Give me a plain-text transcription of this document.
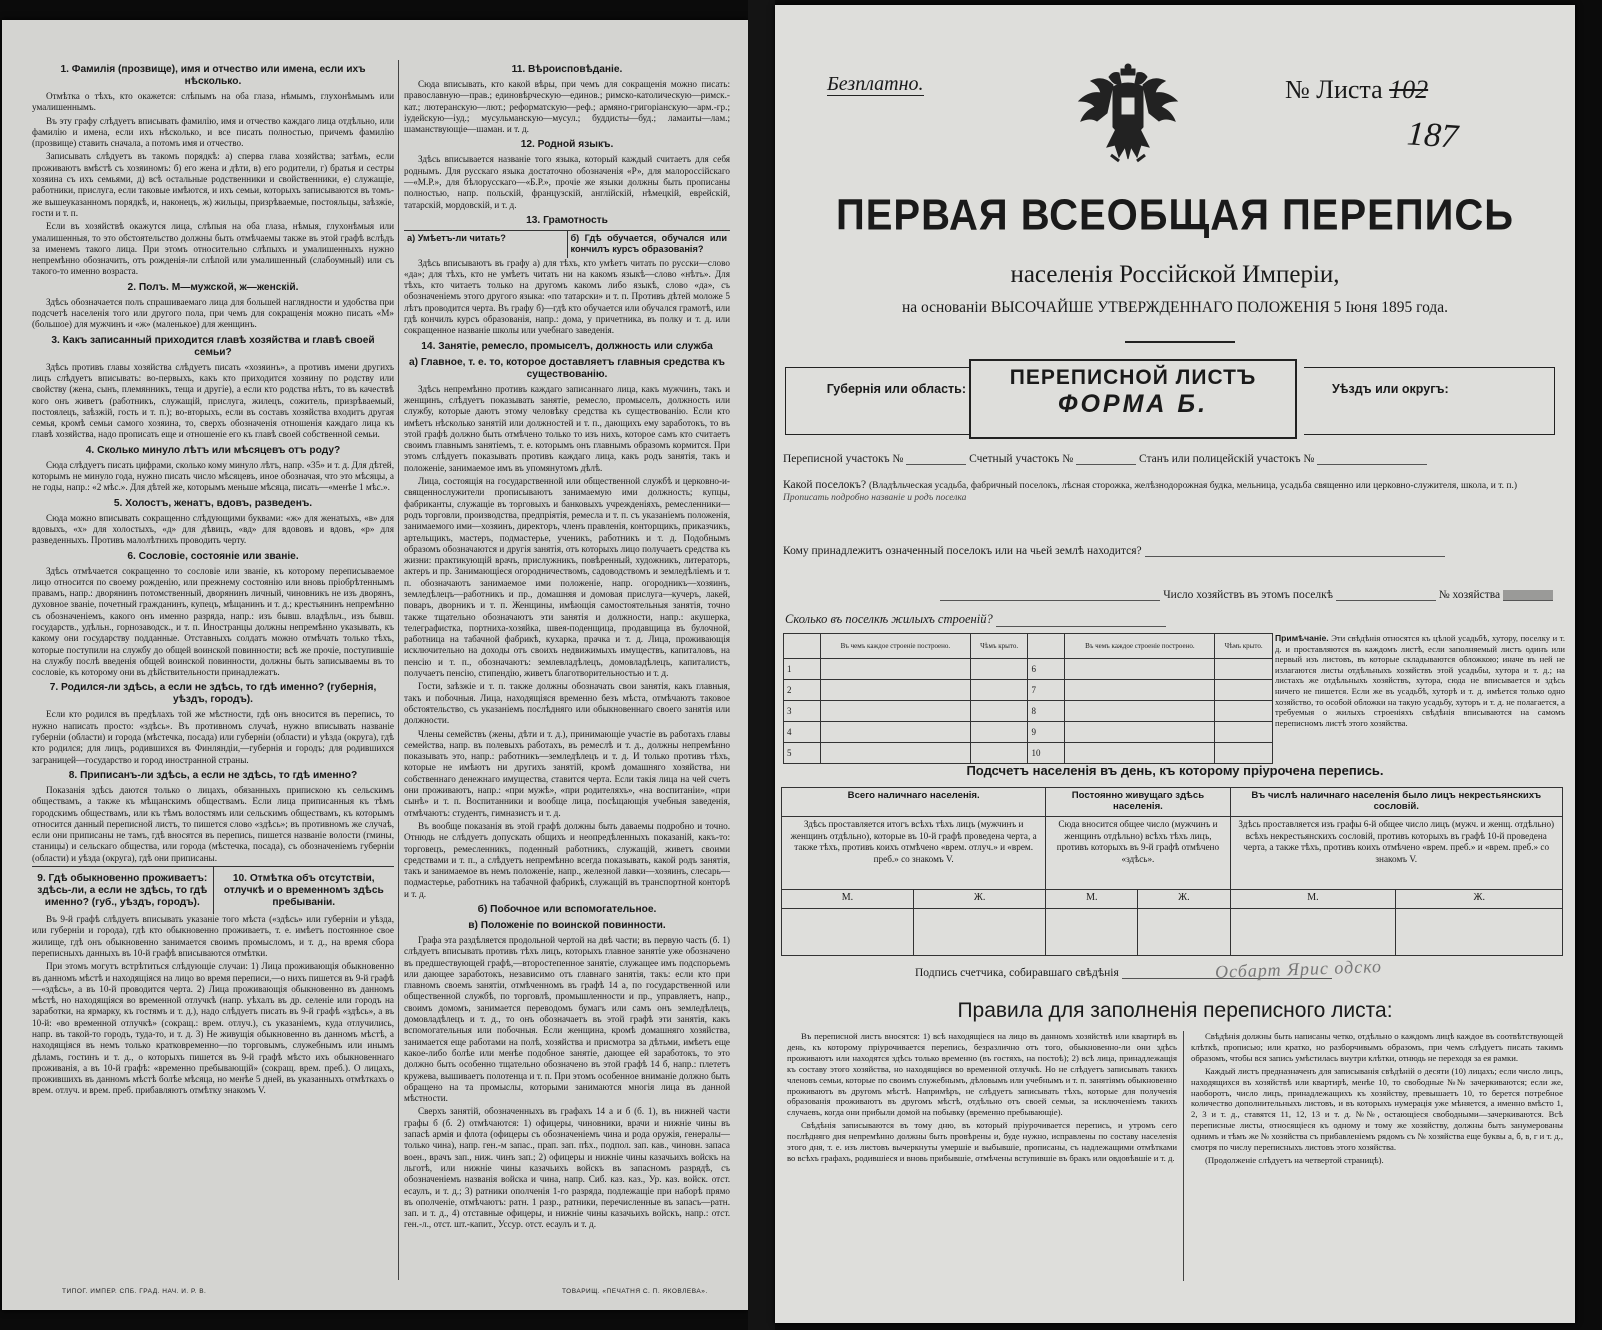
1. Фамилія (прозвище), имя и отчество или имена, если ихъ нѣсколько.

Отмѣтка о тѣхъ, кто окажется: слѣпымъ на оба глаза, нѣмымъ, глухонѣмымъ или умалишеннымъ.

Въ эту графу слѣдуетъ вписывать фамилію, имя и отчество каждаго лица отдѣльно, или фамилію и имена, если ихъ нѣсколько, и все писать полностью, причемъ фамилію (прозвище) ставить сначала, а потомъ имя и отчество.

Записывать слѣдуетъ въ такомъ порядкѣ: а) сперва глава хозяйства; затѣмъ, если проживаютъ вмѣстѣ съ хозяиномъ: б) его жена и дѣти, в) его родители, г) братья и сестры хозяина съ ихъ семьями, д) всѣ остальные родственники и свойственники, е) служащіе, работники, прислуга, если таковые имѣются, и ихъ семьи, которыхъ записываются въ томъ-же вышеуказанномъ порядкѣ, и, наконецъ, ж) жильцы, призрѣваемые, постояльцы, заѣзжіе, гости и т. п.

Если въ хозяйствѣ окажутся лица, слѣпыя на оба глаза, нѣмыя, глухонѣмыя или умалишенныя, то это обстоятельство должны быть отмѣчаемы также въ этой графѣ вслѣдъ за именемъ такого лица. При этомъ относительно слѣпыхъ и умалишенныхъ нужно непремѣнно обозначить, отъ рожденія-ли слѣпой или умалишенный (слабоумный) или съ такого-то именно возраста.

2. Полъ. М—мужской, ж—женскій.

Здѣсь обозначается полъ спрашиваемаго лица для большей наглядности и удобства при подсчетѣ населенія того или другого пола, при чемъ для сокращенія можно писать «М» (большое) для мужчинъ и «ж» (маленькое) для женщинъ.

3. Какъ записанный приходится главѣ хозяйства и главѣ своей семьи?

Здѣсь противъ главы хозяйства слѣдуетъ писать «хозяинъ», а противъ имени другихъ лицъ слѣдуетъ вписывать: во-первыхъ, какъ кто приходится хозяину по родству или свойству (жена, сынъ, племянникъ, теща и другіе), а если кто родства нѣтъ, то въ качествѣ кого онъ живетъ (работникъ, служащій, прислуга, жилецъ, сожитель, призрѣваемый, постоялецъ, заѣзжій, гость и т. п.); во-вторыхъ, если въ составъ хозяйства входитъ другая семья, кромѣ семьи самого хозяина, то, сверхъ обозначенія отношенія каждаго лица къ главѣ хозяйства, надо прописать еще и отношеніе его къ главѣ своей собственной семьи.

4. Сколько минуло лѣтъ или мѣсяцевъ отъ роду?

Сюда слѣдуетъ писать цифрами, сколько кому минуло лѣтъ, напр. «35» и т. д. Для дѣтей, которымъ не минуло года, нужно писать число мѣсяцевъ, иное обозначая, что это мѣсяцы, а не годы, напр.: «2 мѣс.». Для дѣтей же, которымъ меньше мѣсяца, писать—«менѣе 1 мѣс.».

5. Холостъ, женатъ, вдовъ, разведенъ.

Сюда можно вписывать сокращенно слѣдующими буквами: «ж» для женатыхъ, «в» для вдовыхъ, «х» для холостыхъ, «д» для дѣвицъ, «вд» для вдововъ и вдовъ, «р» для разведенныхъ. Противъ малолѣтнихъ проводить черту.

6. Сословіе, состояніе или званіе.

Здѣсь отмѣчается сокращенно то сословіе или званіе, къ которому переписываемое лицо относится по своему рожденію, или прежнему состоянію или вновь пріобрѣтеннымъ правамъ, напр.: дворянинъ потомственный, дворянинъ личный, чиновникъ не изъ дворянъ, духовное званіе, почетный гражданинъ, купецъ, мѣщанинъ и т. д.; крестьянинъ непремѣнно съ обозначеніемъ, какого онъ именно разряда, напр.: изъ бывш. владѣльч., изъ бывш. государств., удѣльн., горнозаводск., и т. п. Иностранцы должны непремѣнно указывать, къ какому они государству подданные. Отставныхъ солдатъ можно отмѣчать только тѣхъ, которые поступили на службу до общей воинской повинности; всѣ же прочіе, поступившіе на службу послѣ введенія общей воинской повинности, должны быть записываемы въ то сословіе, къ которому они въ дѣйствительности принадлежатъ.

7. Родился-ли здѣсь, а если не здѣсь, то гдѣ именно? (губернія, уѣздъ, городъ).

Если кто родился въ предѣлахъ той же мѣстности, гдѣ онъ вносится въ перепись, то нужно написать просто: «здѣсь». Въ противномъ случаѣ, нужно вписывать названіе губерніи (области) и города (мѣстечка, посада) или губерніи (области) и уѣзда (округа), гдѣ кто родился; для лицъ, родившихся въ Финляндіи,—губернія и городъ; для родившихся заграницей—государство и город иностранной страны.

8. Приписанъ-ли здѣсь, а если не здѣсь, то гдѣ именно?

Показанія здѣсь даются только о лицахъ, обязанныхъ припискою къ сельскимъ обществамъ, а также къ мѣщанскимъ обществамъ. Если лица приписанныя къ тѣмъ городскимъ обществамъ, или къ тѣмъ волостямъ или сельскимъ обществамъ, къ которымъ относится данный переписной листъ, то пишется слово «здѣсь»; въ противномъ же случаѣ, если они приписаны не тамъ, гдѣ вносятся въ перепись, пишется названіе волости (гмины, станицы) и сельскаго общества, или города (мѣстечка, посада), съ обозначеніемъ губерніи (области) и уѣзда (округа), гдѣ они приписаны.

9. Гдѣ обыкновенно проживаетъ: здѣсь-ли, а если не здѣсь, то гдѣ именно? (губ., уѣздъ, городъ).
10. Отмѣтка объ отсутствіи, отлучкѣ и о временномъ здѣсь пребываніи.

Въ 9-й графѣ слѣдуетъ вписывать указаніе того мѣста («здѣсь» или губерніи и уѣзда, или губерніи и города), гдѣ кто обыкновенно проживаетъ, т. е. имѣетъ постоянное свое жилище, гдѣ онъ обыкновенно занимается своимъ промысломъ, и т. д., на время сбора переписныхъ данныхъ въ 10-й графѣ вписываются отмѣтки.

При этомъ могутъ встрѣтиться слѣдующіе случаи: 1) Лица проживающія обыкновенно въ данномъ мѣстѣ и находящіяся на лицо во время переписи,—о нихъ пишется въ 9-й графѣ—«здѣсь», а въ 10-й проводится черта. 2) Лица проживающія обыкновенно въ данномъ мѣстѣ, но находящіяся во временной отлучкѣ (напр. уѣхалъ въ др. селеніе или городъ на заработки, на ярмарку, къ гостямъ и т. д.), надо слѣдуетъ писать въ 9-й графѣ «здѣсь», а въ 10-й: «во временной отлучкѣ» (сокращ.: врем. отлуч.), съ указаніемъ, куда отлучились, напр. въ такой-то городъ, туда-то, и т. д. 3) Не живущія обыкновенно въ данномъ мѣстѣ, а находящіяся въ немъ только кратковременно—по торговымъ, служебнымъ или инымъ дѣламъ, гостинъ и т. д., о которыхъ пишется въ 9-й графѣ мѣсто ихъ обыкновеннаго проживанія, а въ 10-й графѣ: «временно пребывающій» (сокращ. врем. преб.). О лицахъ, прожившихъ въ данномъ мѣстѣ болѣе мѣсяца, но менѣе 5 дней, въ указанныхъ отмѣткахъ о врем. отлуч. и врем. преб. прибавляютъ отмѣтку знакомъ V.

11. Вѣроисповѣданіе.

Сюда вписывать, кто какой вѣры, при чемъ для сокращенія можно писать: православную—прав.; единовѣрческую—единов.; римско-католическую—римск.-кат.; лютеранскую—лют.; реформатскую—реф.; армяно-григоріанскую—арм.-гр.; іудейскую—іуд.; мусульманскую—мусул.; буддисты—буд.; ламаиты—лам.; шаманствующіе—шаман. и т. д.

12. Родной языкъ.

Здѣсь вписывается названіе того языка, который каждый считаетъ для себя роднымъ. Для русскаго языка достаточно обозначенія «Р», для малороссійскаго—«М.Р.», для бѣлорусскаго—«Б.Р.», прочіе же языки должны быть прописаны полностью, напр. польскій, французскій, англійскій, нѣмецкій, еврейскій, татарскій, мордовскій, и т. д.

13. Грамотность
а) Умѣетъ-ли читать?	б) Гдѣ обучается, обучался или кончилъ курсъ образованія?

Здѣсь вписываютъ въ графу а) для тѣхъ, кто умѣетъ читать по русски—слово «да»; для тѣхъ, кто не умѣетъ читать ни на какомъ языкѣ—слово «нѣтъ». Для тѣхъ, кто читаетъ только на другомъ какомъ либо языкѣ, слово «да», съ обозначеніемъ этого другого языка: «по татарски» и т. п. Противъ дѣтей моложе 5 лѣтъ проводится черта. Въ графу б)—гдѣ кто обучается или обучался грамотѣ, или гдѣ кончилъ курсъ образованія, напр.: дома, у причетника, въ полку и т. д. или сокращенное названіе школы или учебнаго заведенія.

14. Занятіе, ремесло, промыселъ, должность или служба
а) Главное, т. е. то, которое доставляетъ главныя средства къ существованію.

Здѣсь непремѣнно противъ каждаго записаннаго лица, какъ мужчинъ, такъ и женщинъ, слѣдуетъ показывать занятіе, ремесло, промыселъ, должность или службу, которые даютъ этому человѣку средства къ существованію. Если кто имѣетъ нѣсколько занятій или должностей и т. п., дающихъ ему заработокъ, то въ этой графѣ должно быть отмѣчено только то изъ нихъ, которое самъ кто считаетъ своимъ главнымъ занятіемъ, т. е. которымъ онъ главнымъ образомъ кормится. При этомъ слѣдуетъ показывать противъ каждаго лица, какъ родъ занятія, такъ и положеніе, занимаемое имъ въ упомянутомъ дѣлѣ.

Лица, состоящія на государственной или общественной службѣ и церковно-и-священнослужители прописываютъ занимаемую ими должность; купцы, фабриканты, служащіе въ торговыхъ и банковыхъ учрежденіяхъ, ремесленники—родъ торговли, производства, предпріятія, ремесла и т. п. съ указаніемъ положенія, занимаемого ими—хозяинъ, директоръ, членъ правленія, конторщикъ, приказчикъ, артельщикъ, мастеръ, подмастерье, ученикъ, работникъ и т. д. Подобнымъ образомъ обозначаются и другія занятія, отъ которыхъ лицо получаетъ средства къ жизни: практикующій врачъ, прислужникъ, повѣренный, художникъ, литераторъ, актеръ и пр. Занимающіеся огородничествомъ, садоводствомъ и земледѣліемъ и т. п. обозначаютъ занимаемое ими положеніе, напр. огородникъ—хозяинъ, земледѣлецъ—работникъ и пр., домашняя и домовая прислуга—кучеръ, лакей, поваръ, дворникъ и т. п. Женщины, имѣющія самостоятельныя занятія, точно также тщательно обозначаютъ эти занятія и должности, напр.: акушерка, телеграфистка, портниха-хозяйка, швея-поденщица, продавщица въ булочной, работница на табачной фабрикѣ, кухарка, прачка и т. д. Лица, проживающія исключительно на доходы отъ своихъ недвижимыхъ имуществъ, капиталовъ, на пенсію и т. п., обозначаютъ: землевладѣлецъ, домовладѣлецъ, капиталистъ, получаетъ пенсію, стипендію, живетъ благотворительностью и т. д.

Гости, заѣзжіе и т. п. также должны обозначать свои занятія, какъ главныя, такъ и побочныя. Лица, находящіяся временно безъ мѣста, отмѣчаютъ таковое обстоятельство, съ указаніемъ послѣдняго или обыкновеннаго своего занятія или должности.

Члены семействъ (жены, дѣти и т. д.), принимающіе участіе въ работахъ главы семейства, напр. въ полевыхъ работахъ, въ ремеслѣ и т. д., должны непремѣнно показывать это, напр.: работникъ—земледѣлецъ и т. д. И только противъ тѣхъ, которые не имѣютъ ни другихъ занятій, кромѣ домашняго хозяйства, ни собственнаго денежнаго имущества, ставится черта. Если такія лица на чей счетъ они проживаютъ, напр.: «при мужѣ», «при родителяхъ», «на воспитаніи», «при сынѣ» и т. п. Воспитанники и вообще лица, посѣщающія учебныя заведенія, отмѣчаютъ: студентъ, гимназистъ и т. д.

Въ вообще показанія въ этой графѣ должны быть даваемы подробно и точно. Отнюдь не слѣдуетъ допускать общихъ и неопредѣленныхъ показаній, какъ-то: торговецъ, ремесленникъ, поденный работникъ, служащій, живетъ своими средствами и т. п., а слѣдуетъ непремѣнно всегда показывать, какой родъ занятія, такъ и занимаемое въ немъ положеніе, напр., железной лавки—хозяинъ, слесарь—подмастерье, работникъ на табачной фабрикѣ, служащій въ транспортной конторѣ и т. д.

б) Побочное или вспомогательное.
в) Положеніе по воинской повинности.

Графа эта раздѣляется продольной чертой на двѣ части; въ первую часть (б. 1) слѣдуетъ вписывать противъ тѣхъ лицъ, которыхъ главное занятіе уже обозначено въ предшествующей графѣ,—второстепенное занятіе, служащее имъ подспорьемъ или дающее заработокъ, независимо отъ главнаго занятія, такъ: если кто при главномъ своемъ занятіи, отмѣченномъ въ графѣ 14 а, по государственной или общественной службѣ, по торговлѣ, промышленности и пр., управляетъ, напр., своимъ домомъ, занимается переводомъ бумагъ или самъ онъ земледѣлецъ, домовладѣлецъ и т. д., то онъ обозначаетъ въ этой графѣ эти занятія, какъ вспомогательныя или побочныя. Если женщина, кромѣ домашняго хозяйства, занимается еще работами на полѣ, хозяйства и присмотра за дѣтьми, имѣетъ еще какое-либо болѣе или менѣе подобное занятіе, дающее ей заработокъ, то это должно быть особенно тщательно обозначено въ этой графѣ 14 б, напр.: плететъ кружева, вышиваетъ полотенца и т. п. При этомъ особенное вниманіе должно быть обращено на та промыслы, которыми занимаются многія лица въ данной мѣстности.

Сверхъ занятій, обозначенныхъ въ графахъ 14 а и б (б. 1), въ нижней части графы б (б. 2) отмѣчаются: 1) офицеры, чиновники, врачи и нижніе чины въ запасѣ армія и флота (офицеры съ обозначеніемъ чина и рода оружія, генералы—только чина), напр. ген.-м запас., прап. зап. пѣх., подпол. зап. кав., чиновн. запаса воен., врачъ зап., ниж. чинъ зап.; 2) офицеры и нижніе чины казачьихъ войскъ на льготѣ, или нижніе чины казачьихъ войскъ въ запасномъ разрядѣ, съ обозначеніемъ названія войска и чина, напр. Сиб. каз. каз., Ур. каз. войск. отст. есаулъ, и т. д.; 3) ратники ополченія 1-го разряда, подлежащіе при наборѣ прямо въ ополченіе, отмѣчаютъ: ратн. 1 разр., ратники, перечисленные въ запасъ—ратн. зап. и т. д., 4) отставные офицеры, и нижніе чины казачьихъ войскъ, напр.: отст. ген.-л., отст. шт.-капит., Уссур. отст. есаулъ и т. д.

ТИПОГ. ИМПЕР. СПБ. ГРАД. НАЧ. И. Р. В.	ТОВАРИЩ. «ПЕЧАТНЯ С. П. ЯКОВЛЕВА».
Безплатно.	№ Листа 102
187
ПЕРВАЯ ВСЕОБЩАЯ ПЕРЕПИСЬ
населенія Россійской Имперіи,
на основаніи ВЫСОЧАЙШЕ УТВЕРЖДЕННАГО ПОЛОЖЕНІЯ 5 Іюня 1895 года.
Губернія или область:	Уѣздъ или округъ:
ПЕРЕПИСНОЙ ЛИСТЪ
ФОРМА Б.
Переписной участокъ №	Счетный участокъ №	Станъ или полицейскій участокъ №
Какой поселокъ? (Владѣльческая усадьба, фабричный поселокъ, лѣсная сторожка, желѣзнодорожная будка, мельница, усадьба священно или церковно-служителя, школа, и т. п.) Прописать подробно названіе и родъ поселка
Кому принадлежитъ означенный поселокъ или на чьей землѣ находится?
Число хозяйствъ въ этомъ поселкѣ	№ хозяйства
Сколько въ поселкѣ жилыхъ строеній?
	Въ чемъ каждое строеніе построено.	Чѣмъ крыто.		Въ чемъ каждое строеніе построено.	Чѣмъ крыто.
1			6		
2			7		
3			8		
4			9		
5			10		
Примѣчаніе. Эти свѣдѣнія относятся къ цѣлой усадьбѣ, хутору, поселку и т. д. и проставляются въ каждомъ листѣ, если заполняемый листъ одинъ или первый изъ листовъ, въ которые складываются обложкою; иначе въ ней не излагаются листы отдѣльныхъ хозяйствъ этой усадьбы, хутора и т. д.; на листахъ же отдѣльныхъ хозяйствъ, хутора, сюда не вписывается и здѣсь ничего не пишется. Если же въ усадьбѣ, хуторѣ и т. д. имѣется только одно хозяйство, то особой обложки на такую усадьбу, хуторъ и т. д. не полагается, а требуемыя о жилыхъ строеніяхъ свѣдѣнія вписываются на самомъ переписномъ листѣ этого хозяйства.
Подсчетъ населенія въ день, къ которому пріурочена перепись.
Всего наличнаго населенія.		Постоянно живущаго здѣсь населенія.		Въ числѣ наличнаго населенія было лицъ некрестьянскихъ сословій.	
Здѣсь проставляется итогъ всѣхъ тѣхъ лицъ (мужчинъ и женщинъ отдѣльно), которые въ 10-й графѣ проведена черта, а также тѣхъ, противъ коихъ отмѣчено «врем. отлуч.» и «врем. преб.» со знакомъ V.		Сюда вносится общее число (мужчинъ и женщинъ отдѣльно) всѣхъ тѣхъ лицъ, противъ которыхъ въ 9-й графѣ отмѣчено «здѣсь».		Здѣсь проставляется изъ графы 6-й общее число лицъ (мужч. и женщ. отдѣльно) всѣхъ некрестьянскихъ сословій, противъ которыхъ въ графѣ 10-й проведена черта, а также тѣхъ, противъ коихъ отмѣчено «врем. преб.» и «врем. преб.» со знакомъ V.	
М.	Ж.	М.	Ж.	М.	Ж.

Подпись счетчика, собиравшаго свѣдѣнія	Осбарт Ярис одско
Правила для заполненія переписного листа:

Въ переписной листъ вносятся: 1) всѣ находящіеся на лицо въ данномъ хозяйствѣ или квартирѣ въ день, къ которому пріурочивается перепись, безразлично отъ того, обыкновенно-ли они здѣсь проживаютъ или находятся здѣсь только временно (въ гостяхъ, на постоѣ); 2) всѣ лица, принадлежащія къ составу этого хозяйства, но находящіяся во временной отлучкѣ. Но не слѣдуетъ записывать такихъ членовъ семьи, которые по своимъ служебнымъ, дѣловымъ или учебнымъ и т. п. занятіямъ обыкновенно проживаютъ въ другомъ мѣстѣ. Напримѣръ, не слѣдуетъ записывать тѣхъ, которые для полученія образованія проживаютъ въ другомъ мѣстѣ, отдѣльно отъ своей семьи, за исключеніемъ такихъ случаевъ, когда они прибыли домой на побывку (временно пребывающіе).

Свѣдѣнія записываются въ тому дню, въ который пріурочивается перепись, и утромъ сего послѣдняго дня непремѣнно должны быть провѣрены и, буде нужно, исправлены по составу населенія этого дня, т. е. изъ листовъ вычеркнуты умершіе и выбывшіе, прописаны, съ надлежащими отмѣтками во всѣхъ графахъ, родившіеся и вновь прибывшіе, отмѣчены вступившіе въ бракъ или овдовѣвшіе и т. д.

Свѣдѣнія должны быть написаны четко, отдѣльно о каждомъ лицѣ каждое въ соотвѣтствующей клѣткѣ, прописью; или кратко, но разборчивымъ образомъ, при чемъ слѣдуетъ писать такимъ образомъ, чтобы вся запись умѣстилась внутри клѣтки, отнюдь не переходя за ея рамки.

Каждый листъ предназначенъ для записыванія свѣдѣній о десяти (10) лицахъ; если число лицъ, находящихся въ хозяйствѣ или квартирѣ, менѣе 10, то свободные №№ зачеркиваются; если же, наоборотъ, число лицъ, принадлежащихъ къ хозяйству, превышаетъ 10, то берется потребное количество дополнительныхъ листовъ, и въ которыхъ нумерація уже мѣняется, а именно вмѣсто 1, 2, 3 и т. д., ставятся 11, 12, 13 и т. д. №№, остающіеся свободными—зачеркиваются. Всѣ переписные листы, относящіеся къ одному и тому же хозяйству, должны быть занумерованы однимъ и тѣмъ же № хозяйства съ прибавленіемъ рядомъ съ № хозяйства еще буквы а, б, в, г и т. д., смотря по числу переписныхъ листовъ этого хозяйства.

(Продолженіе слѣдуетъ на четвертой страницѣ).
